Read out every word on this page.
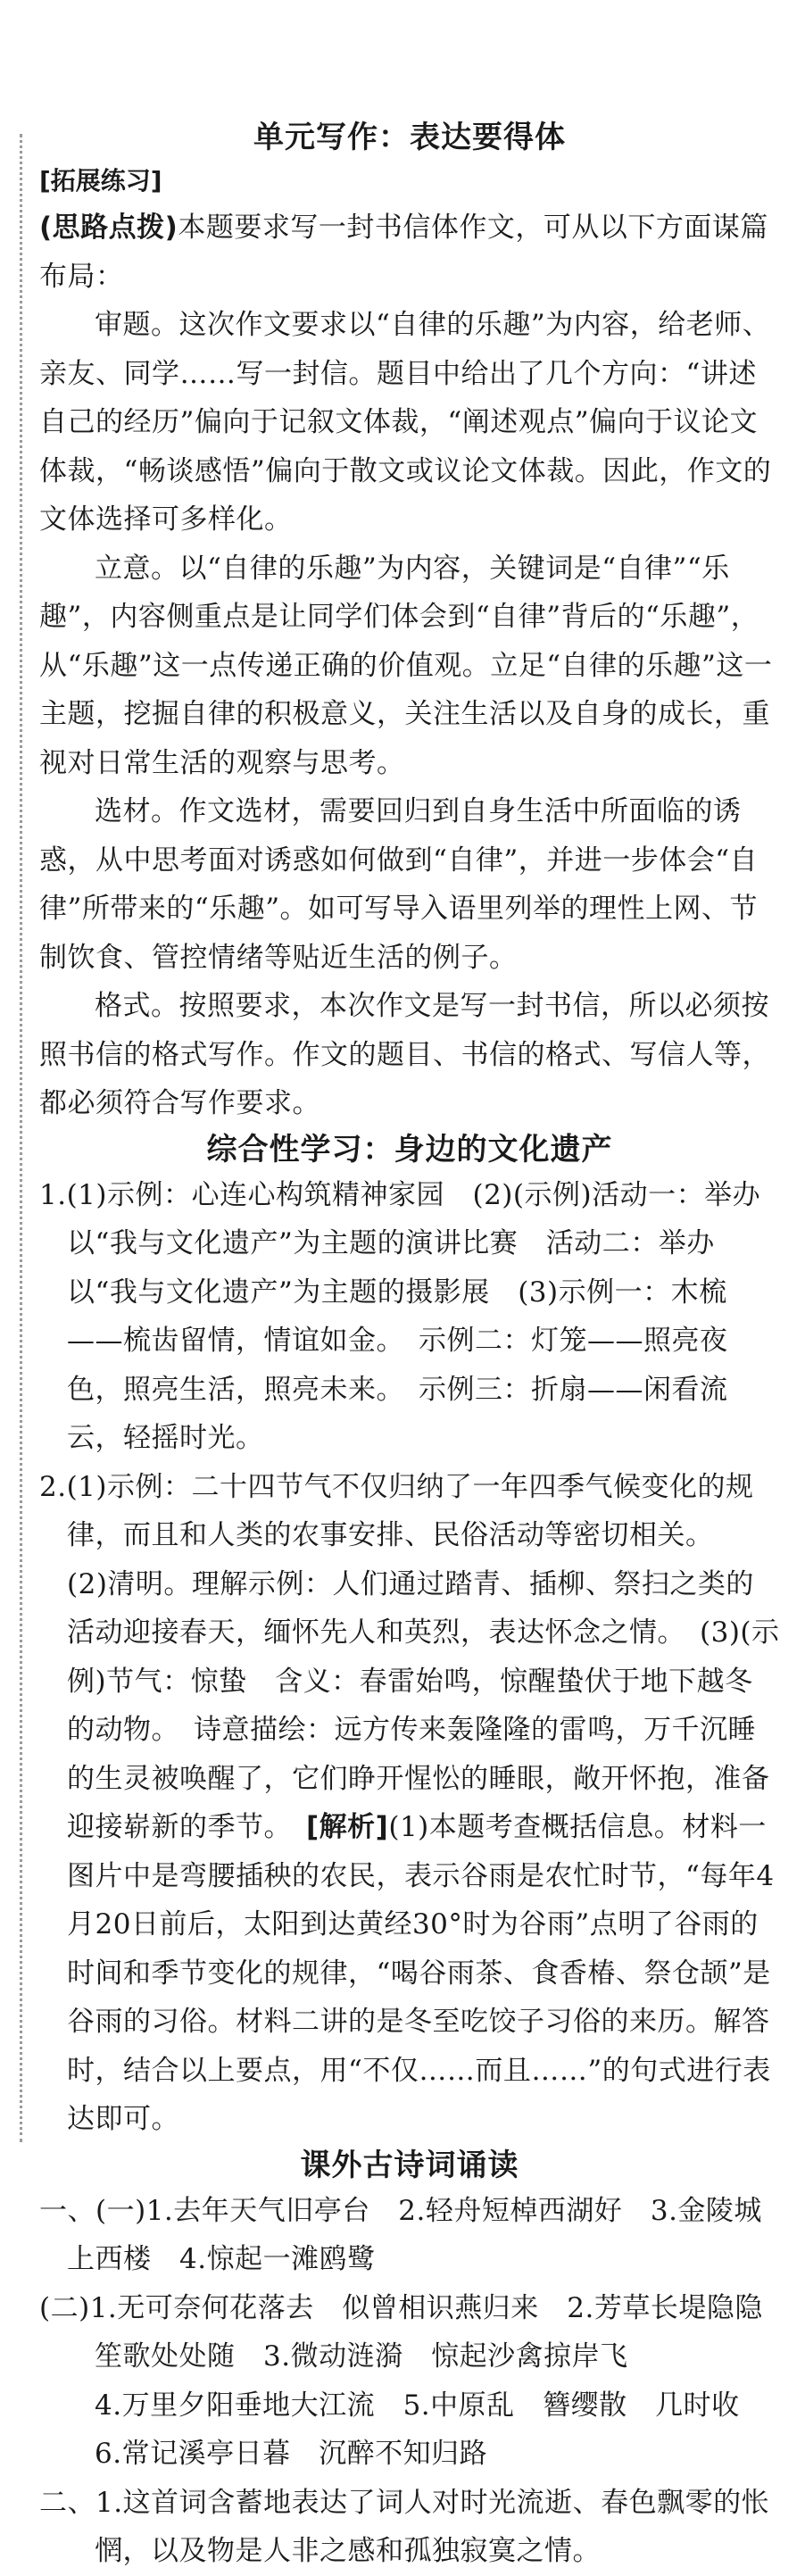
单元写作：表达要得体
[拓展练习]

(思路点拨)本题要求写一封书信体作文，可从以下方面谋篇布局：

审题。这次作文要求以“自律的乐趣”为内容，给老师、亲友、同学……写一封信。题目中给出了几个方向：“讲述自己的经历”偏向于记叙文体裁，“阐述观点”偏向于议论文体裁，“畅谈感悟”偏向于散文或议论文体裁。因此，作文的文体选择可多样化。

立意。以“自律的乐趣”为内容，关键词是“自律”“乐趣”，内容侧重点是让同学们体会到“自律”背后的“乐趣”，从“乐趣”这一点传递正确的价值观。立足“自律的乐趣”这一主题，挖掘自律的积极意义，关注生活以及自身的成长，重视对日常生活的观察与思考。

选材。作文选材，需要回归到自身生活中所面临的诱惑，从中思考面对诱惑如何做到“自律”，并进一步体会“自律”所带来的“乐趣”。如可写导入语里列举的理性上网、节制饮食、管控情绪等贴近生活的例子。

格式。按照要求，本次作文是写一封书信，所以必须按照书信的格式写作。作文的题目、书信的格式、写信人等，都必须符合写作要求。

综合性学习：身边的文化遗产

1.(1)示例：心连心构筑精神家园　(2)(示例)活动一：举办以“我与文化遗产”为主题的演讲比赛　活动二：举办以“我与文化遗产”为主题的摄影展　(3)示例一：木梳——梳齿留情，情谊如金。　示例二：灯笼——照亮夜色，照亮生活，照亮未来。　示例三：折扇——闲看流云，轻摇时光。

2.(1)示例：二十四节气不仅归纳了一年四季气候变化的规律，而且和人类的农事安排、民俗活动等密切相关。

(2)清明。理解示例：人们通过踏青、插柳、祭扫之类的活动迎接春天，缅怀先人和英烈，表达怀念之情。　(3)(示例)节气：惊蛰　含义：春雷始鸣，惊醒蛰伏于地下越冬的动物。　诗意描绘：远方传来轰隆隆的雷鸣，万千沉睡的生灵被唤醒了，它们睁开惺忪的睡眼，敞开怀抱，准备迎接崭新的季节。　[解析](1)本题考查概括信息。材料一图片中是弯腰插秧的农民，表示谷雨是农忙时节，“每年4月20日前后，太阳到达黄经30°时为谷雨”点明了谷雨的时间和季节变化的规律，“喝谷雨茶、食香椿、祭仓颉”是谷雨的习俗。材料二讲的是冬至吃饺子习俗的来历。解答时，结合以上要点，用“不仅……而且……”的句式进行表达即可。

课外古诗词诵读

一、(一)1.去年天气旧亭台　2.轻舟短棹西湖好　3.金陵城上西楼　4.惊起一滩鸥鹭

(二)1.无可奈何花落去　似曾相识燕归来　2.芳草长堤隐隐笙歌处处随　3.微动涟漪　惊起沙禽掠岸飞

4.万里夕阳垂地大江流　5.中原乱　簪缨散　几时收

6.常记溪亭日暮　沉醉不知归路

二、1.这首词含蓄地表达了词人对时光流逝、春色飘零的怅惘，以及物是人非之感和孤独寂寞之情。
